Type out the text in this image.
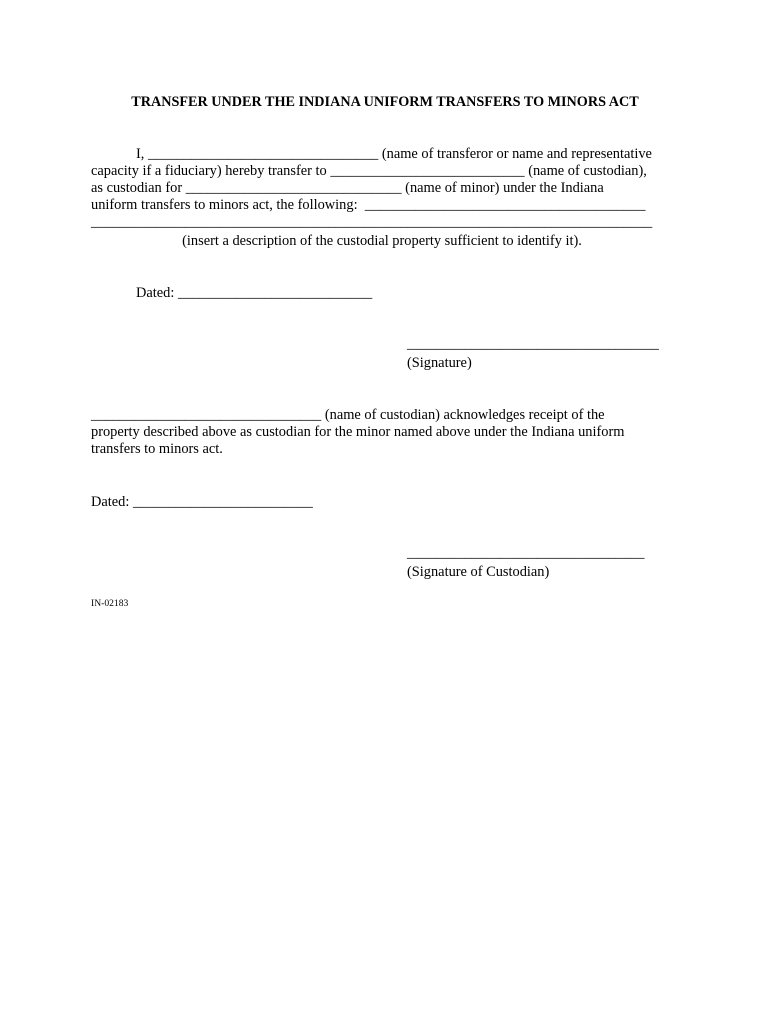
TRANSFER UNDER THE INDIANA UNIFORM TRANSFERS TO MINORS ACT
I, ________________________________ (name of transferor or name and representative
capacity if a fiduciary) hereby transfer to ___________________________ (name of custodian),
as custodian for ______________________________ (name of minor) under the Indiana
uniform transfers to minors act, the following:  _______________________________________
______________________________________________________________________________
(insert a description of the custodial property sufficient to identify it).
Dated: ___________________________
___________________________________
(Signature)
________________________________ (name of custodian) acknowledges receipt of the
property described above as custodian for the minor named above under the Indiana uniform
transfers to minors act.
Dated: _________________________
_________________________________
(Signature of Custodian)
IN-02183
